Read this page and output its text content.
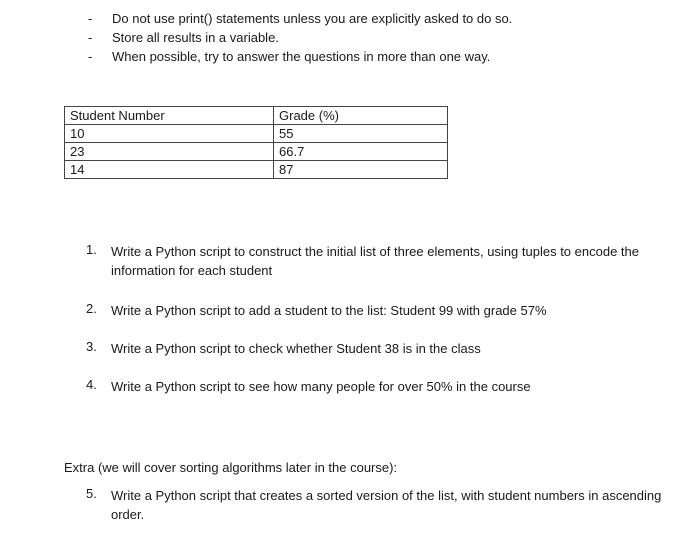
- Do not use print() statements unless you are explicitly asked to do so.
- Store all results in a variable.
- When possible, try to answer the questions in more than one way.
Student Number	Grade (%)
10	55
23	66.7
14	87
1. Write a Python script to construct the initial list of three elements, using tuples to encode the
information for each student
2. Write a Python script to add a student to the list: Student 99 with grade 57%
3. Write a Python script to check whether Student 38 is in the class
4. Write a Python script to see how many people for over 50% in the course
Extra (we will cover sorting algorithms later in the course):
5. Write a Python script that creates a sorted version of the list, with student numbers in ascending
order.
